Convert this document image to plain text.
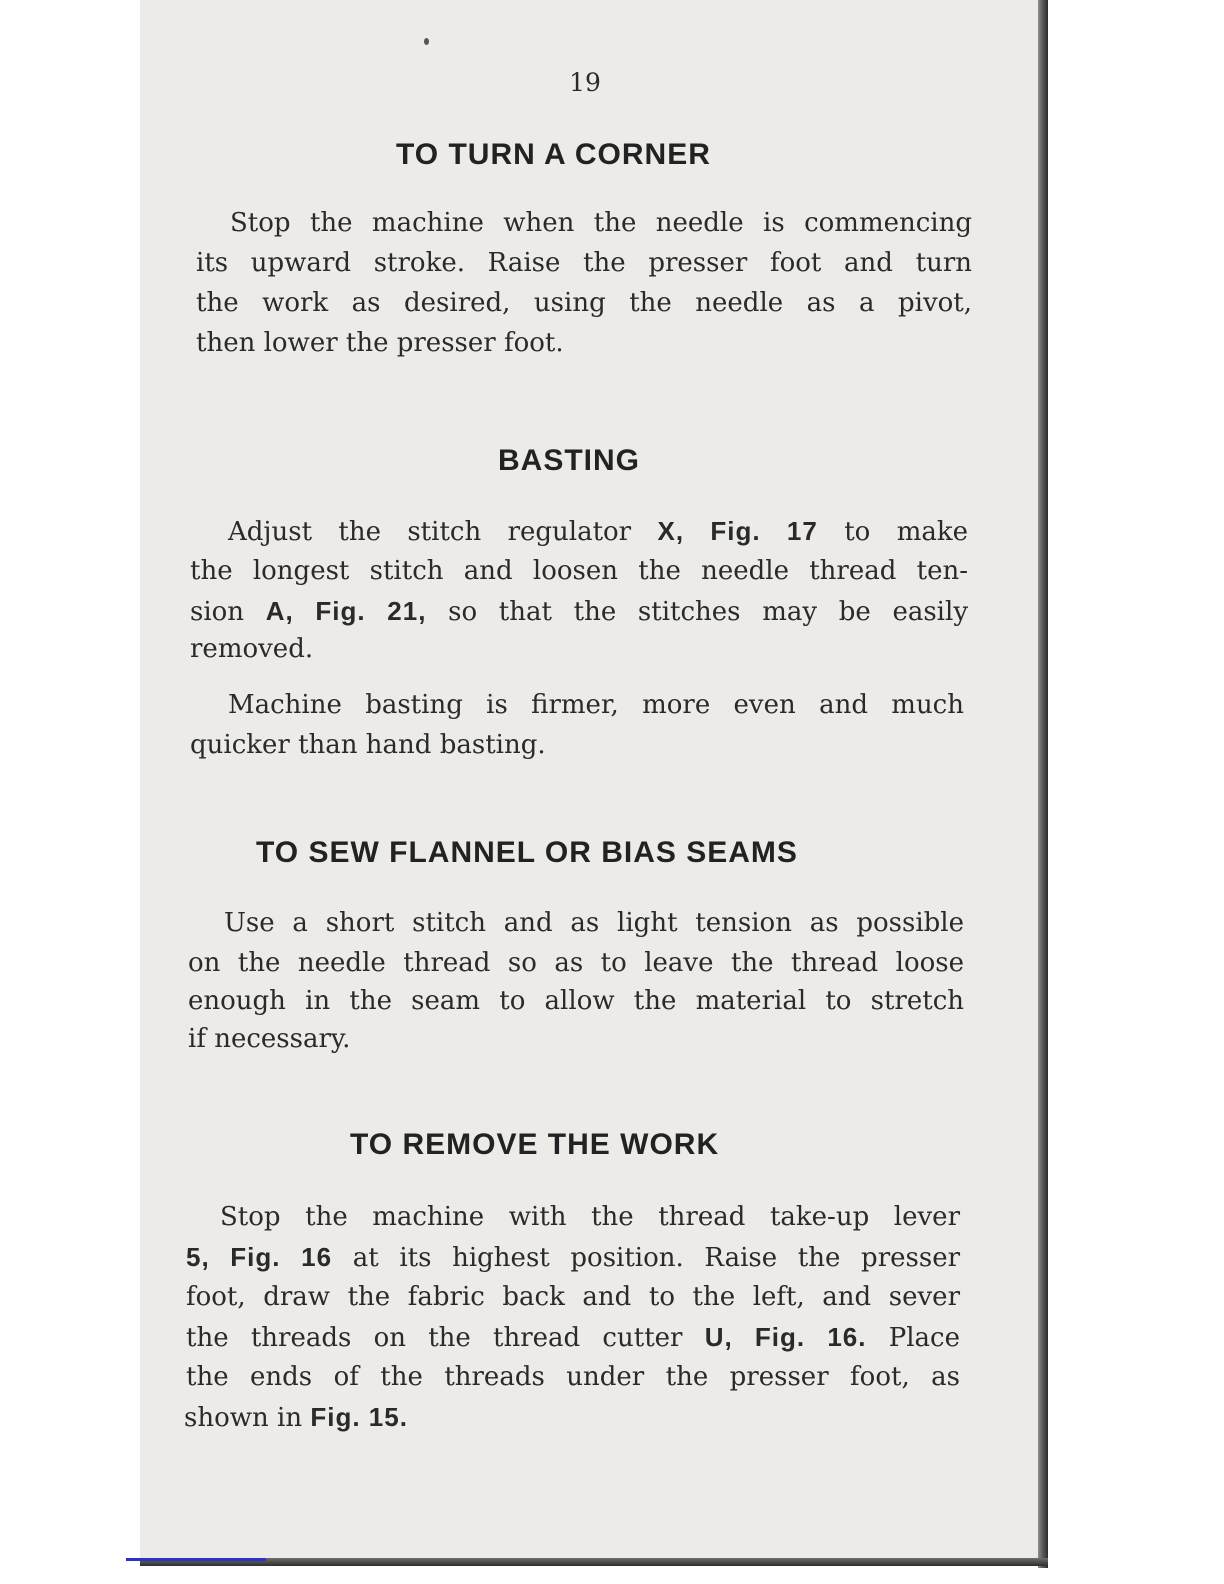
19
TO TURN A CORNER
Stop the machine when the needle is commencing
its upward stroke. Raise the presser foot and turn
the work as desired, using the needle as a pivot,
then lower the presser foot.
BASTING
Adjust the stitch regulator X, Fig. 17 to make
the longest stitch and loosen the needle thread ten-
sion A, Fig. 21, so that the stitches may be easily
removed.
Machine basting is firmer, more even and much
quicker than hand basting.
TO SEW FLANNEL OR BIAS SEAMS
Use a short stitch and as light tension as possible
on the needle thread so as to leave the thread loose
enough in the seam to allow the material to stretch
if necessary.
TO REMOVE THE WORK
Stop the machine with the thread take-up lever
5, Fig. 16 at its highest position. Raise the presser
foot, draw the fabric back and to the left, and sever
the threads on the thread cutter U, Fig. 16. Place
the ends of the threads under the presser foot, as
shown in Fig. 15.
